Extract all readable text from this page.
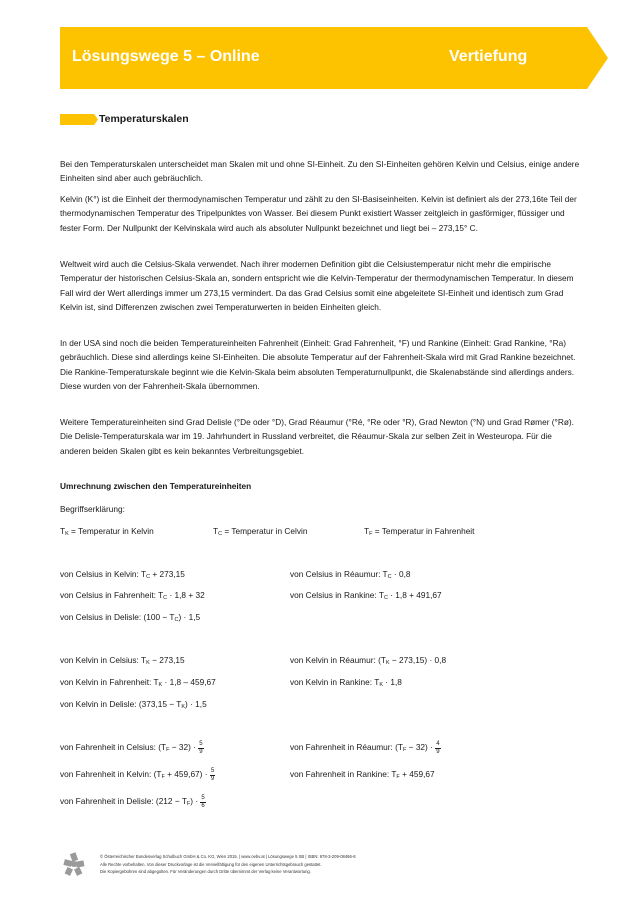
Lösungswege 5 – Online	Vertiefung
Temperaturskalen

Bei den Temperaturskalen unterscheidet man Skalen mit und ohne SI-Einheit. Zu den SI-Einheiten gehören Kelvin und Celsius, einige andere Einheiten sind aber auch gebräuchlich.

Kelvin (K°) ist die Einheit der thermodynamischen Temperatur und zählt zu den SI-Basiseinheiten. Kelvin ist definiert als der 273,16te Teil der thermodynamischen Temperatur des Tripelpunktes von Wasser. Bei diesem Punkt existiert Wasser zeitgleich in gasförmiger, flüssiger und fester Form. Der Nullpunkt der Kelvinskala wird auch als absoluter Nullpunkt bezeichnet und liegt bei – 273,15° C.

Weltweit wird auch die Celsius-Skala verwendet. Nach ihrer modernen Definition gibt die Celsiustemperatur nicht mehr die empirische Temperatur der historischen Celsius-Skala an, sondern entspricht wie die Kelvin-Temperatur der thermodynamischen Temperatur. In diesem Fall wird der Wert allerdings immer um 273,15 vermindert. Da das Grad Celsius somit eine abgeleitete SI-Einheit und identisch zum Grad Kelvin ist, sind Differenzen zwischen zwei Temperaturwerten in beiden Einheiten gleich.

In der USA sind noch die beiden Temperatureinheiten Fahrenheit (Einheit: Grad Fahrenheit, °F) und Rankine (Einheit: Grad Rankine, °Ra) gebräuchlich. Diese sind allerdings keine SI-Einheiten. Die absolute Temperatur auf der Fahrenheit-Skala wird mit Grad Rankine bezeichnet. Die Rankine-Temperaturskale beginnt wie die Kelvin-Skala beim absoluten Temperaturnullpunkt, die Skalenabstände sind allerdings anders. Diese wurden von der Fahrenheit-Skala übernommen.

Weitere Temperatureinheiten sind Grad Delisle (°De oder °D), Grad Réaumur (°Ré, °Re oder °R), Grad Newton (°N) und Grad Rømer (°Rø). Die Delisle-Temperaturskala war im 19. Jahrhundert in Russland verbreitet, die Réaumur-Skala zur selben Zeit in Westeuropa. Für die anderen beiden Skalen gibt es kein bekanntes Verbreitungsgebiet.

Umrechnung zwischen den Temperatureinheiten
Begriffserklärung:
$T_K$ = Temperatur in Kelvin	$T_C$ = Temperatur in Celvin	$T_F$ = Temperatur in Fahrenheit
von Celsius in Kelvin: $T_C + 273,15$	von Celsius in Réaumur: $T_C \cdot 0,8$
von Celsius in Fahrenheit: $T_C \cdot 1,8 + 32$	von Celsius in Rankine: $T_C \cdot 1,8 + 491,67$
von Celsius in Delisle: $(100 - T_C) \cdot 1,5$
von Kelvin in Celsius: $T_K - 273,15$	von Kelvin in Réaumur: $(T_K - 273,15) \cdot 0,8$
von Kelvin in Fahrenheit: $T_K \cdot 1,8 - 459,67$	von Kelvin in Rankine: $T_K \cdot 1,8$
von Kelvin in Delisle: $(373,15 - T_K) \cdot 1,5$
von Fahrenheit in Celsius: $(T_F - 32) \cdot \frac{5}{9}$	von Fahrenheit in Réaumur: $(T_F - 32) \cdot \frac{4}{9}$
von Fahrenheit in Kelvin: $(T_F + 459,67) \cdot \frac{5}{9}$	von Fahrenheit in Rankine: $T_F + 459,67$
von Fahrenheit in Delisle: $(212 - T_F) \cdot \frac{5}{6}$
© Österreichischer Bundesverlag Schulbuch GmbH & Co. KG, Wien 2015. | www.oebv.at | Lösungswege 5 SB | ISBN: 978-3-209-08466-8
Alle Rechte vorbehalten. Von dieser Druckvorlage ist die Vervielfältigung für den eigenen Unterrichtsgebrauch gestattet.
Die Kopiergebühren sind abgegolten. Für Veränderungen durch Dritte übernimmt der Verlag keine Verantwortung.
